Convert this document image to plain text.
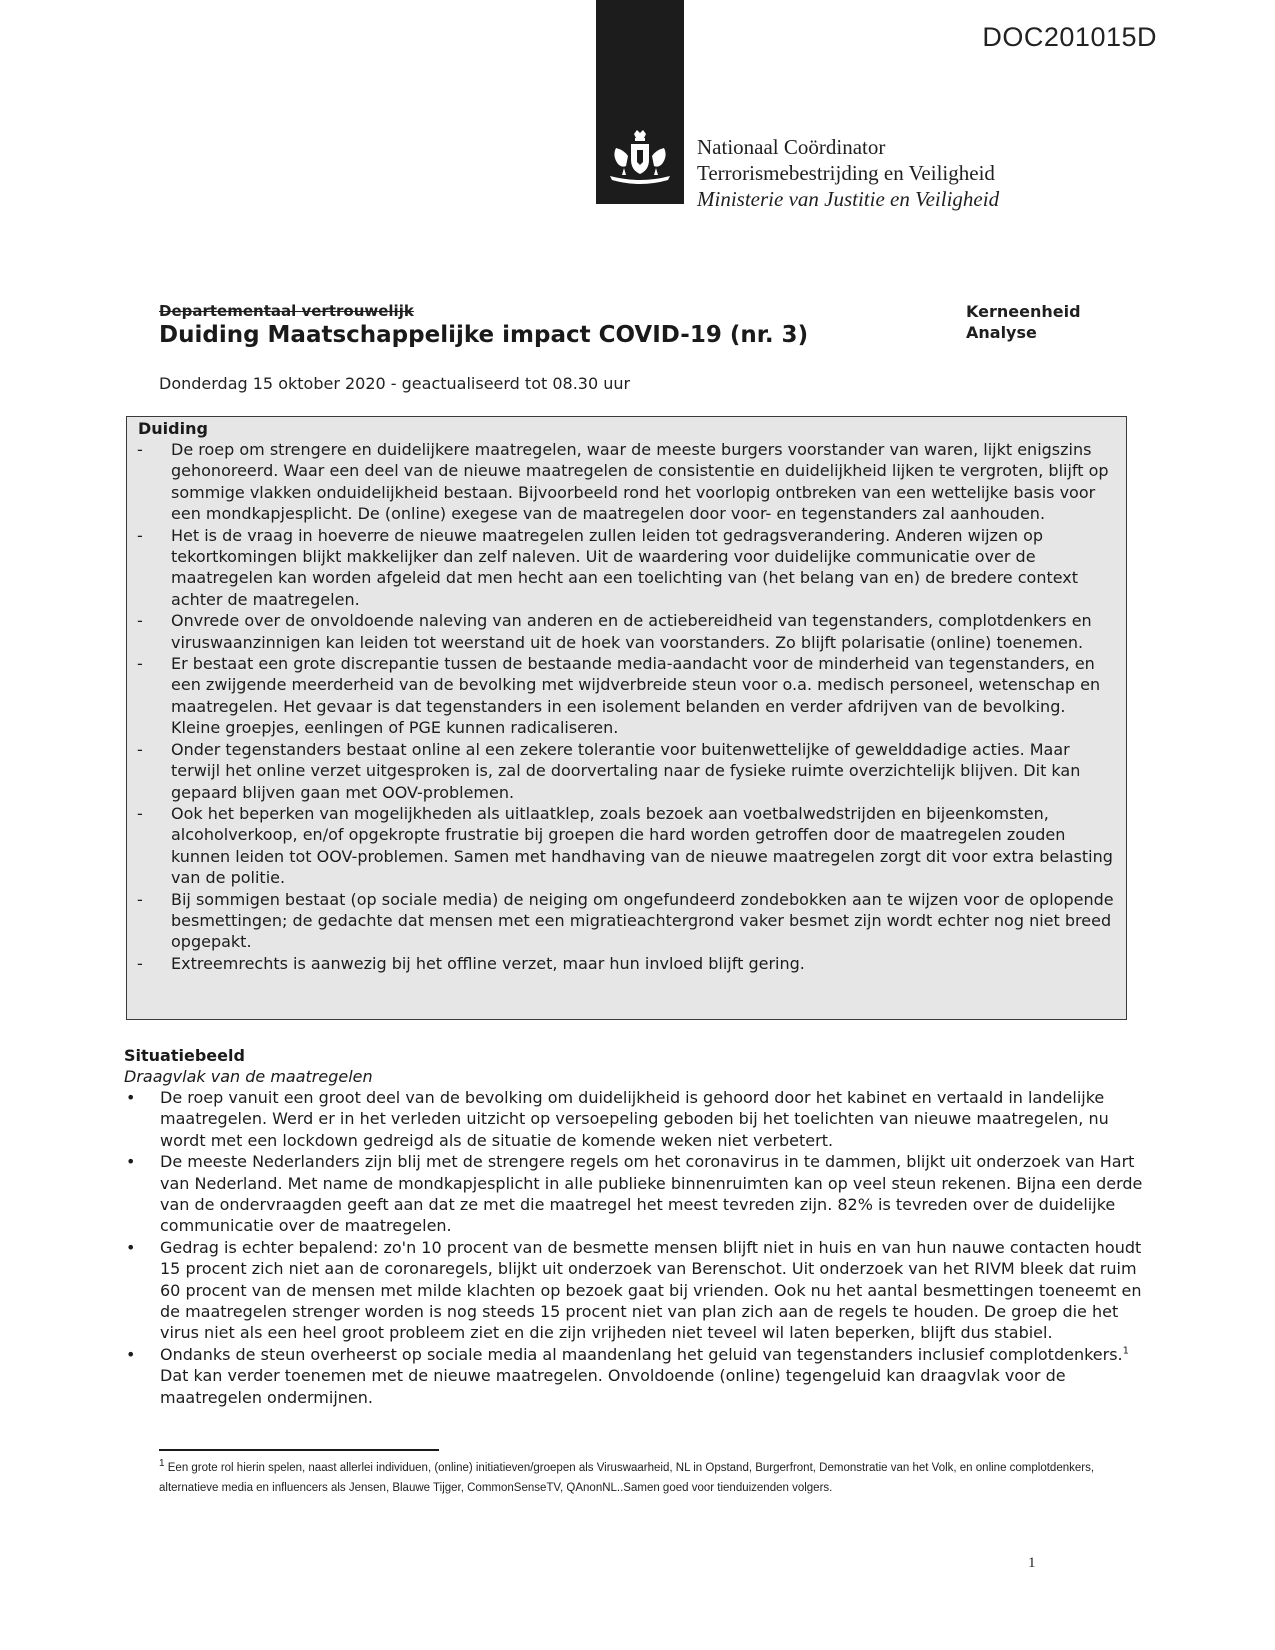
DOC201015D
Nationaal Coördinator
Terrorismebestrijding en Veiligheid
Ministerie van Justitie en Veiligheid
Departementaal vertrouwelijk
Duiding Maatschappelijke impact COVID-19 (nr. 3)
Kerneenheid
Analyse
Donderdag 15 oktober 2020 - geactualiseerd tot 08.30 uur
Duiding
- De roep om strengere en duidelijkere maatregelen, waar de meeste burgers voorstander van waren, lijkt enigszins gehonoreerd. Waar een deel van de nieuwe maatregelen de consistentie en duidelijkheid lijken te vergroten, blijft op sommige vlakken onduidelijkheid bestaan. Bijvoorbeeld rond het voorlopig ontbreken van een wettelijke basis voor een mondkapjesplicht. De (online) exegese van de maatregelen door voor- en tegenstanders zal aanhouden.
- Het is de vraag in hoeverre de nieuwe maatregelen zullen leiden tot gedragsverandering. Anderen wijzen op tekortkomingen blijkt makkelijker dan zelf naleven. Uit de waardering voor duidelijke communicatie over de maatregelen kan worden afgeleid dat men hecht aan een toelichting van (het belang van en) de bredere context achter de maatregelen.
- Onvrede over de onvoldoende naleving van anderen en de actiebereidheid van tegenstanders, complotdenkers en viruswaanzinnigen kan leiden tot weerstand uit de hoek van voorstanders. Zo blijft polarisatie (online) toenemen.
- Er bestaat een grote discrepantie tussen de bestaande media-aandacht voor de minderheid van tegenstanders, en een zwijgende meerderheid van de bevolking met wijdverbreide steun voor o.a. medisch personeel, wetenschap en maatregelen. Het gevaar is dat tegenstanders in een isolement belanden en verder afdrijven van de bevolking. Kleine groepjes, eenlingen of PGE kunnen radicaliseren.
- Onder tegenstanders bestaat online al een zekere tolerantie voor buitenwettelijke of gewelddadige acties. Maar terwijl het online verzet uitgesproken is, zal de doorvertaling naar de fysieke ruimte overzichtelijk blijven. Dit kan gepaard blijven gaan met OOV-problemen.
- Ook het beperken van mogelijkheden als uitlaatklep, zoals bezoek aan voetbalwedstrijden en bijeenkomsten, alcoholverkoop, en/of opgekropte frustratie bij groepen die hard worden getroffen door de maatregelen zouden kunnen leiden tot OOV-problemen. Samen met handhaving van de nieuwe maatregelen zorgt dit voor extra belasting van de politie.
- Bij sommigen bestaat (op sociale media) de neiging om ongefundeerd zondebokken aan te wijzen voor de oplopende besmettingen; de gedachte dat mensen met een migratieachtergrond vaker besmet zijn wordt echter nog niet breed opgepakt.
- Extreemrechts is aanwezig bij het offline verzet, maar hun invloed blijft gering.
Situatiebeeld
Draagvlak van de maatregelen
• De roep vanuit een groot deel van de bevolking om duidelijkheid is gehoord door het kabinet en vertaald in landelijke maatregelen. Werd er in het verleden uitzicht op versoepeling geboden bij het toelichten van nieuwe maatregelen, nu wordt met een lockdown gedreigd als de situatie de komende weken niet verbetert.
• De meeste Nederlanders zijn blij met de strengere regels om het coronavirus in te dammen, blijkt uit onderzoek van Hart van Nederland. Met name de mondkapjesplicht in alle publieke binnenruimten kan op veel steun rekenen. Bijna een derde van de ondervraagden geeft aan dat ze met die maatregel het meest tevreden zijn. 82% is tevreden over de duidelijke communicatie over de maatregelen.
• Gedrag is echter bepalend: zo'n 10 procent van de besmette mensen blijft niet in huis en van hun nauwe contacten houdt 15 procent zich niet aan de coronaregels, blijkt uit onderzoek van Berenschot. Uit onderzoek van het RIVM bleek dat ruim 60 procent van de mensen met milde klachten op bezoek gaat bij vrienden. Ook nu het aantal besmettingen toeneemt en de maatregelen strenger worden is nog steeds 15 procent niet van plan zich aan de regels te houden. De groep die het virus niet als een heel groot probleem ziet en die zijn vrijheden niet teveel wil laten beperken, blijft dus stabiel.
• Ondanks de steun overheerst op sociale media al maandenlang het geluid van tegenstanders inclusief complotdenkers.$^1$ Dat kan verder toenemen met de nieuwe maatregelen. Onvoldoende (online) tegengeluid kan draagvlak voor de maatregelen ondermijnen.
$^1$ Een grote rol hierin spelen, naast allerlei individuen, (online) initiatieven/groepen als Viruswaarheid, NL in Opstand, Burgerfront, Demonstratie van het Volk, en online complotdenkers, alternatieve media en influencers als Jensen, Blauwe Tijger, CommonSenseTV, QAnonNL..Samen goed voor tienduizenden volgers.
1
